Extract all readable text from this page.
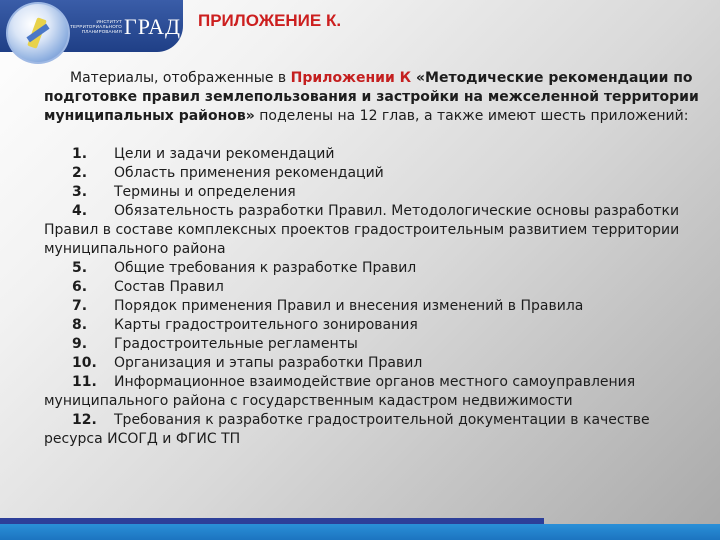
ИНСТИТУТ ТЕРРИТОРИАЛЬНОГО ПЛАНИРОВАНИЯ ГРАД ПРИЛОЖЕНИЕ К.

Материалы, отображенные в Приложении К «Методические рекомендации по подготовке правил землепользования и застройки на межселенной территории муниципальных районов» поделены на 12 глав, а также имеют шесть приложений:

1. Цели и задачи рекомендаций

2. Область применения рекомендаций

3. Термины и определения

4. Обязательность разработки Правил. Методологические основы разработки Правил в составе комплексных проектов градостроительным развитием территории муниципального района

5. Общие требования к разработке Правил

6. Состав Правил

7. Порядок применения Правил и внесения изменений в Правила

8. Карты градостроительного зонирования

9. Градостроительные регламенты

10. Организация и этапы разработки Правил

11. Информационное взаимодействие органов местного самоуправления муниципального района с государственным кадастром недвижимости

12. Требования к разработке градостроительной документации в качестве ресурса ИСОГД и ФГИС ТП
